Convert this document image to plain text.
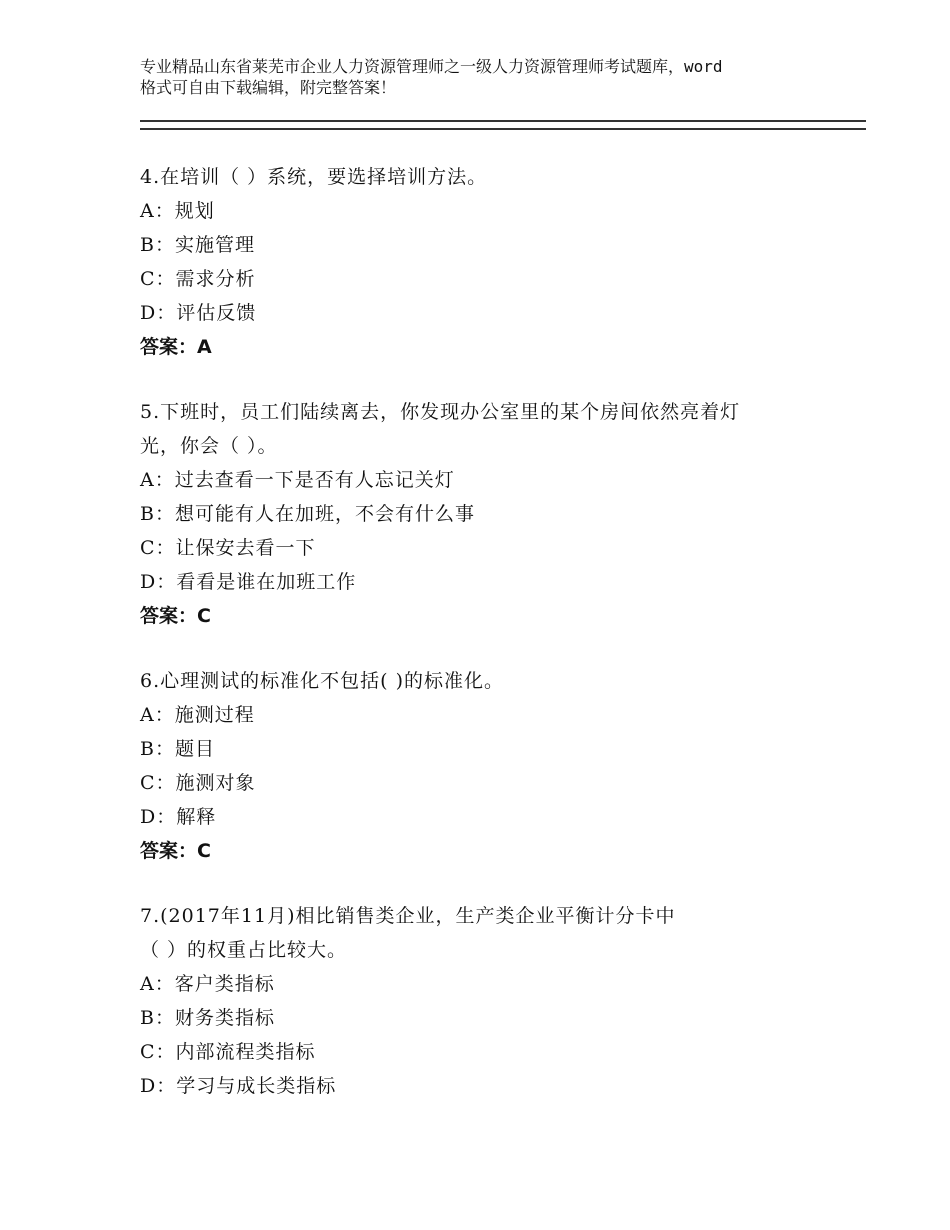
专业精品山东省莱芜市企业人力资源管理师之一级人力资源管理师考试题库，word
格式可自由下载编辑，附完整答案！
4.在培训（ ）系统，要选择培训方法。
A：规划
B：实施管理
C：需求分析
D：评估反馈
答案：A
5.下班时，员工们陆续离去，你发现办公室里的某个房间依然亮着灯
光，你会（ ）。
A：过去查看一下是否有人忘记关灯
B：想可能有人在加班，不会有什么事
C：让保安去看一下
D：看看是谁在加班工作
答案：C
6.心理测试的标准化不包括( )的标准化。
A：施测过程
B：题目
C：施测对象
D：解释
答案：C
7.(2017年11月)相比销售类企业，生产类企业平衡计分卡中
（ ）的权重占比较大。
A：客户类指标
B：财务类指标
C：内部流程类指标
D：学习与成长类指标
